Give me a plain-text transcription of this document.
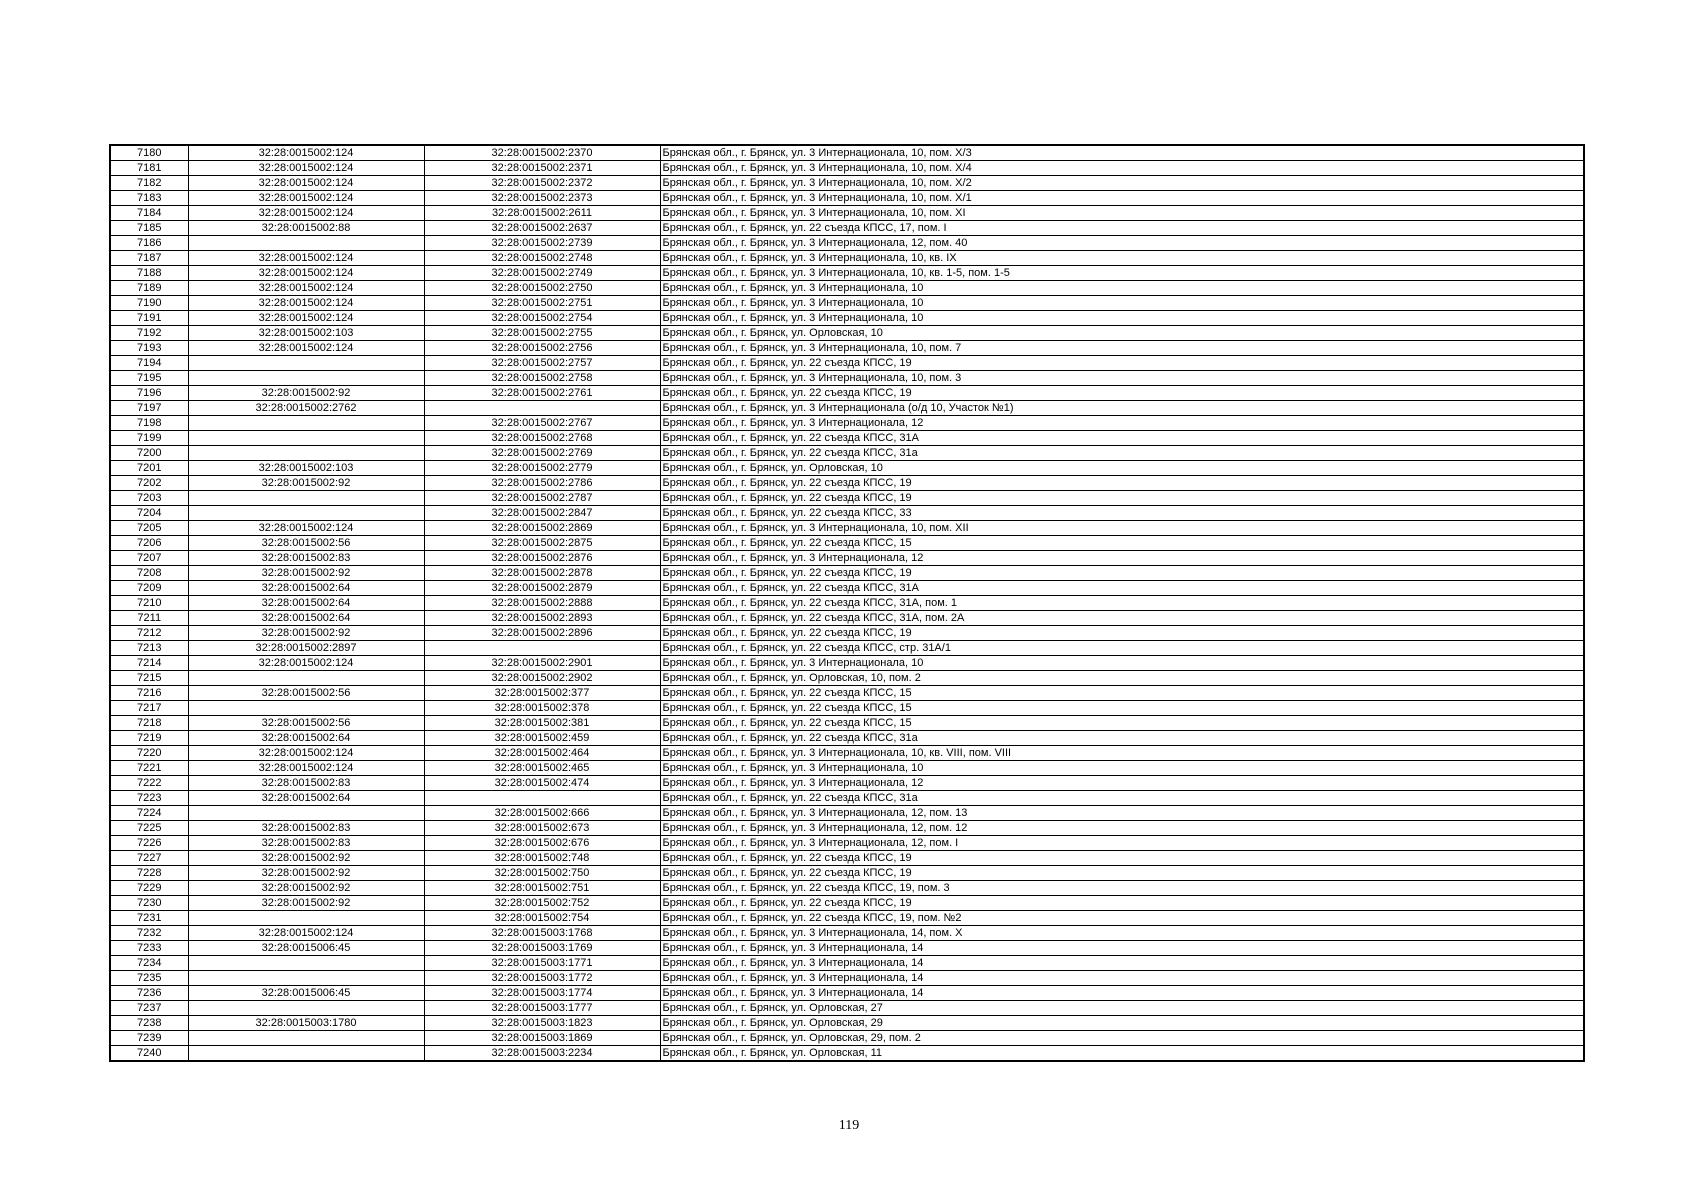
7180	32:28:0015002:124	32:28:0015002:2370	Брянская обл., г. Брянск, ул. 3 Интернационала, 10, пом. X/3
7181	32:28:0015002:124	32:28:0015002:2371	Брянская обл., г. Брянск, ул. 3 Интернационала, 10, пом. X/4
7182	32:28:0015002:124	32:28:0015002:2372	Брянская обл., г. Брянск, ул. 3 Интернационала, 10, пом. X/2
7183	32:28:0015002:124	32:28:0015002:2373	Брянская обл., г. Брянск, ул. 3 Интернационала, 10, пом. X/1
7184	32:28:0015002:124	32:28:0015002:2611	Брянская обл., г. Брянск, ул. 3 Интернационала, 10, пом. XI
7185	32:28:0015002:88	32:28:0015002:2637	Брянская обл., г. Брянск, ул. 22 съезда КПСС, 17, пом. I
7186		32:28:0015002:2739	Брянская обл., г. Брянск, ул. 3 Интернационала, 12, пом. 40
7187	32:28:0015002:124	32:28:0015002:2748	Брянская обл., г. Брянск, ул. 3 Интернационала, 10, кв. IX
7188	32:28:0015002:124	32:28:0015002:2749	Брянская обл., г. Брянск, ул. 3 Интернационала, 10, кв. 1-5, пом. 1-5
7189	32:28:0015002:124	32:28:0015002:2750	Брянская обл., г. Брянск, ул. 3 Интернационала, 10
7190	32:28:0015002:124	32:28:0015002:2751	Брянская обл., г. Брянск, ул. 3 Интернационала, 10
7191	32:28:0015002:124	32:28:0015002:2754	Брянская обл., г. Брянск, ул. 3 Интернационала, 10
7192	32:28:0015002:103	32:28:0015002:2755	Брянская обл., г. Брянск, ул. Орловская, 10
7193	32:28:0015002:124	32:28:0015002:2756	Брянская обл., г. Брянск, ул. 3 Интернационала, 10, пом. 7
7194		32:28:0015002:2757	Брянская обл., г. Брянск, ул. 22 съезда КПСС, 19
7195		32:28:0015002:2758	Брянская обл., г. Брянск, ул. 3 Интернационала, 10, пом. 3
7196	32:28:0015002:92	32:28:0015002:2761	Брянская обл., г. Брянск, ул. 22 съезда КПСС, 19
7197	32:28:0015002:2762		Брянская обл., г. Брянск, ул. 3 Интернационала (о/д 10, Участок №1)
7198		32:28:0015002:2767	Брянская обл., г. Брянск, ул. 3 Интернационала, 12
7199		32:28:0015002:2768	Брянская обл., г. Брянск, ул. 22 съезда КПСС, 31А
7200		32:28:0015002:2769	Брянская обл., г. Брянск, ул. 22 съезда КПСС, 31а
7201	32:28:0015002:103	32:28:0015002:2779	Брянская обл., г. Брянск, ул. Орловская, 10
7202	32:28:0015002:92	32:28:0015002:2786	Брянская обл., г. Брянск, ул. 22 съезда КПСС, 19
7203		32:28:0015002:2787	Брянская обл., г. Брянск, ул. 22 съезда КПСС, 19
7204		32:28:0015002:2847	Брянская обл., г. Брянск, ул. 22 съезда КПСС, 33
7205	32:28:0015002:124	32:28:0015002:2869	Брянская обл., г. Брянск, ул. 3 Интернационала, 10, пом. XII
7206	32:28:0015002:56	32:28:0015002:2875	Брянская обл., г. Брянск, ул. 22 съезда КПСС, 15
7207	32:28:0015002:83	32:28:0015002:2876	Брянская обл., г. Брянск, ул. 3 Интернационала, 12
7208	32:28:0015002:92	32:28:0015002:2878	Брянская обл., г. Брянск, ул. 22 съезда КПСС, 19
7209	32:28:0015002:64	32:28:0015002:2879	Брянская обл., г. Брянск, ул. 22 съезда КПСС, 31А
7210	32:28:0015002:64	32:28:0015002:2888	Брянская обл., г. Брянск, ул. 22 съезда КПСС, 31А, пом. 1
7211	32:28:0015002:64	32:28:0015002:2893	Брянская обл., г. Брянск, ул. 22 съезда КПСС, 31А, пом. 2А
7212	32:28:0015002:92	32:28:0015002:2896	Брянская обл., г. Брянск, ул. 22 съезда КПСС, 19
7213	32:28:0015002:2897		Брянская обл., г. Брянск, ул. 22 съезда КПСС, стр. 31А/1
7214	32:28:0015002:124	32:28:0015002:2901	Брянская обл., г. Брянск, ул. 3 Интернационала, 10
7215		32:28:0015002:2902	Брянская обл., г. Брянск, ул. Орловская, 10, пом. 2
7216	32:28:0015002:56	32:28:0015002:377	Брянская обл., г. Брянск, ул. 22 съезда КПСС, 15
7217		32:28:0015002:378	Брянская обл., г. Брянск, ул. 22 съезда КПСС, 15
7218	32:28:0015002:56	32:28:0015002:381	Брянская обл., г. Брянск, ул. 22 съезда КПСС, 15
7219	32:28:0015002:64	32:28:0015002:459	Брянская обл., г. Брянск, ул. 22 съезда КПСС, 31а
7220	32:28:0015002:124	32:28:0015002:464	Брянская обл., г. Брянск, ул. 3 Интернационала, 10, кв. VIII, пом. VIII
7221	32:28:0015002:124	32:28:0015002:465	Брянская обл., г. Брянск, ул. 3 Интернационала, 10
7222	32:28:0015002:83	32:28:0015002:474	Брянская обл., г. Брянск, ул. 3 Интернационала, 12
7223	32:28:0015002:64		Брянская обл., г. Брянск, ул. 22 съезда КПСС, 31а
7224		32:28:0015002:666	Брянская обл., г. Брянск, ул. 3 Интернационала, 12, пом. 13
7225	32:28:0015002:83	32:28:0015002:673	Брянская обл., г. Брянск, ул. 3 Интернационала, 12, пом. 12
7226	32:28:0015002:83	32:28:0015002:676	Брянская обл., г. Брянск, ул. 3 Интернационала, 12, пом. I
7227	32:28:0015002:92	32:28:0015002:748	Брянская обл., г. Брянск, ул. 22 съезда КПСС, 19
7228	32:28:0015002:92	32:28:0015002:750	Брянская обл., г. Брянск, ул. 22 съезда КПСС, 19
7229	32:28:0015002:92	32:28:0015002:751	Брянская обл., г. Брянск, ул. 22 съезда КПСС, 19, пом. 3
7230	32:28:0015002:92	32:28:0015002:752	Брянская обл., г. Брянск, ул. 22 съезда КПСС, 19
7231		32:28:0015002:754	Брянская обл., г. Брянск, ул. 22 съезда КПСС, 19, пом. №2
7232	32:28:0015002:124	32:28:0015003:1768	Брянская обл., г. Брянск, ул. 3 Интернационала, 14, пом. X
7233	32:28:0015006:45	32:28:0015003:1769	Брянская обл., г. Брянск, ул. 3 Интернационала, 14
7234		32:28:0015003:1771	Брянская обл., г. Брянск, ул. 3 Интернационала, 14
7235		32:28:0015003:1772	Брянская обл., г. Брянск, ул. 3 Интернационала, 14
7236	32:28:0015006:45	32:28:0015003:1774	Брянская обл., г. Брянск, ул. 3 Интернационала, 14
7237		32:28:0015003:1777	Брянская обл., г. Брянск, ул. Орловская, 27
7238	32:28:0015003:1780	32:28:0015003:1823	Брянская обл., г. Брянск, ул. Орловская, 29
7239		32:28:0015003:1869	Брянская обл., г. Брянск, ул. Орловская, 29, пом. 2
7240		32:28:0015003:2234	Брянская обл., г. Брянск, ул. Орловская, 11
119
